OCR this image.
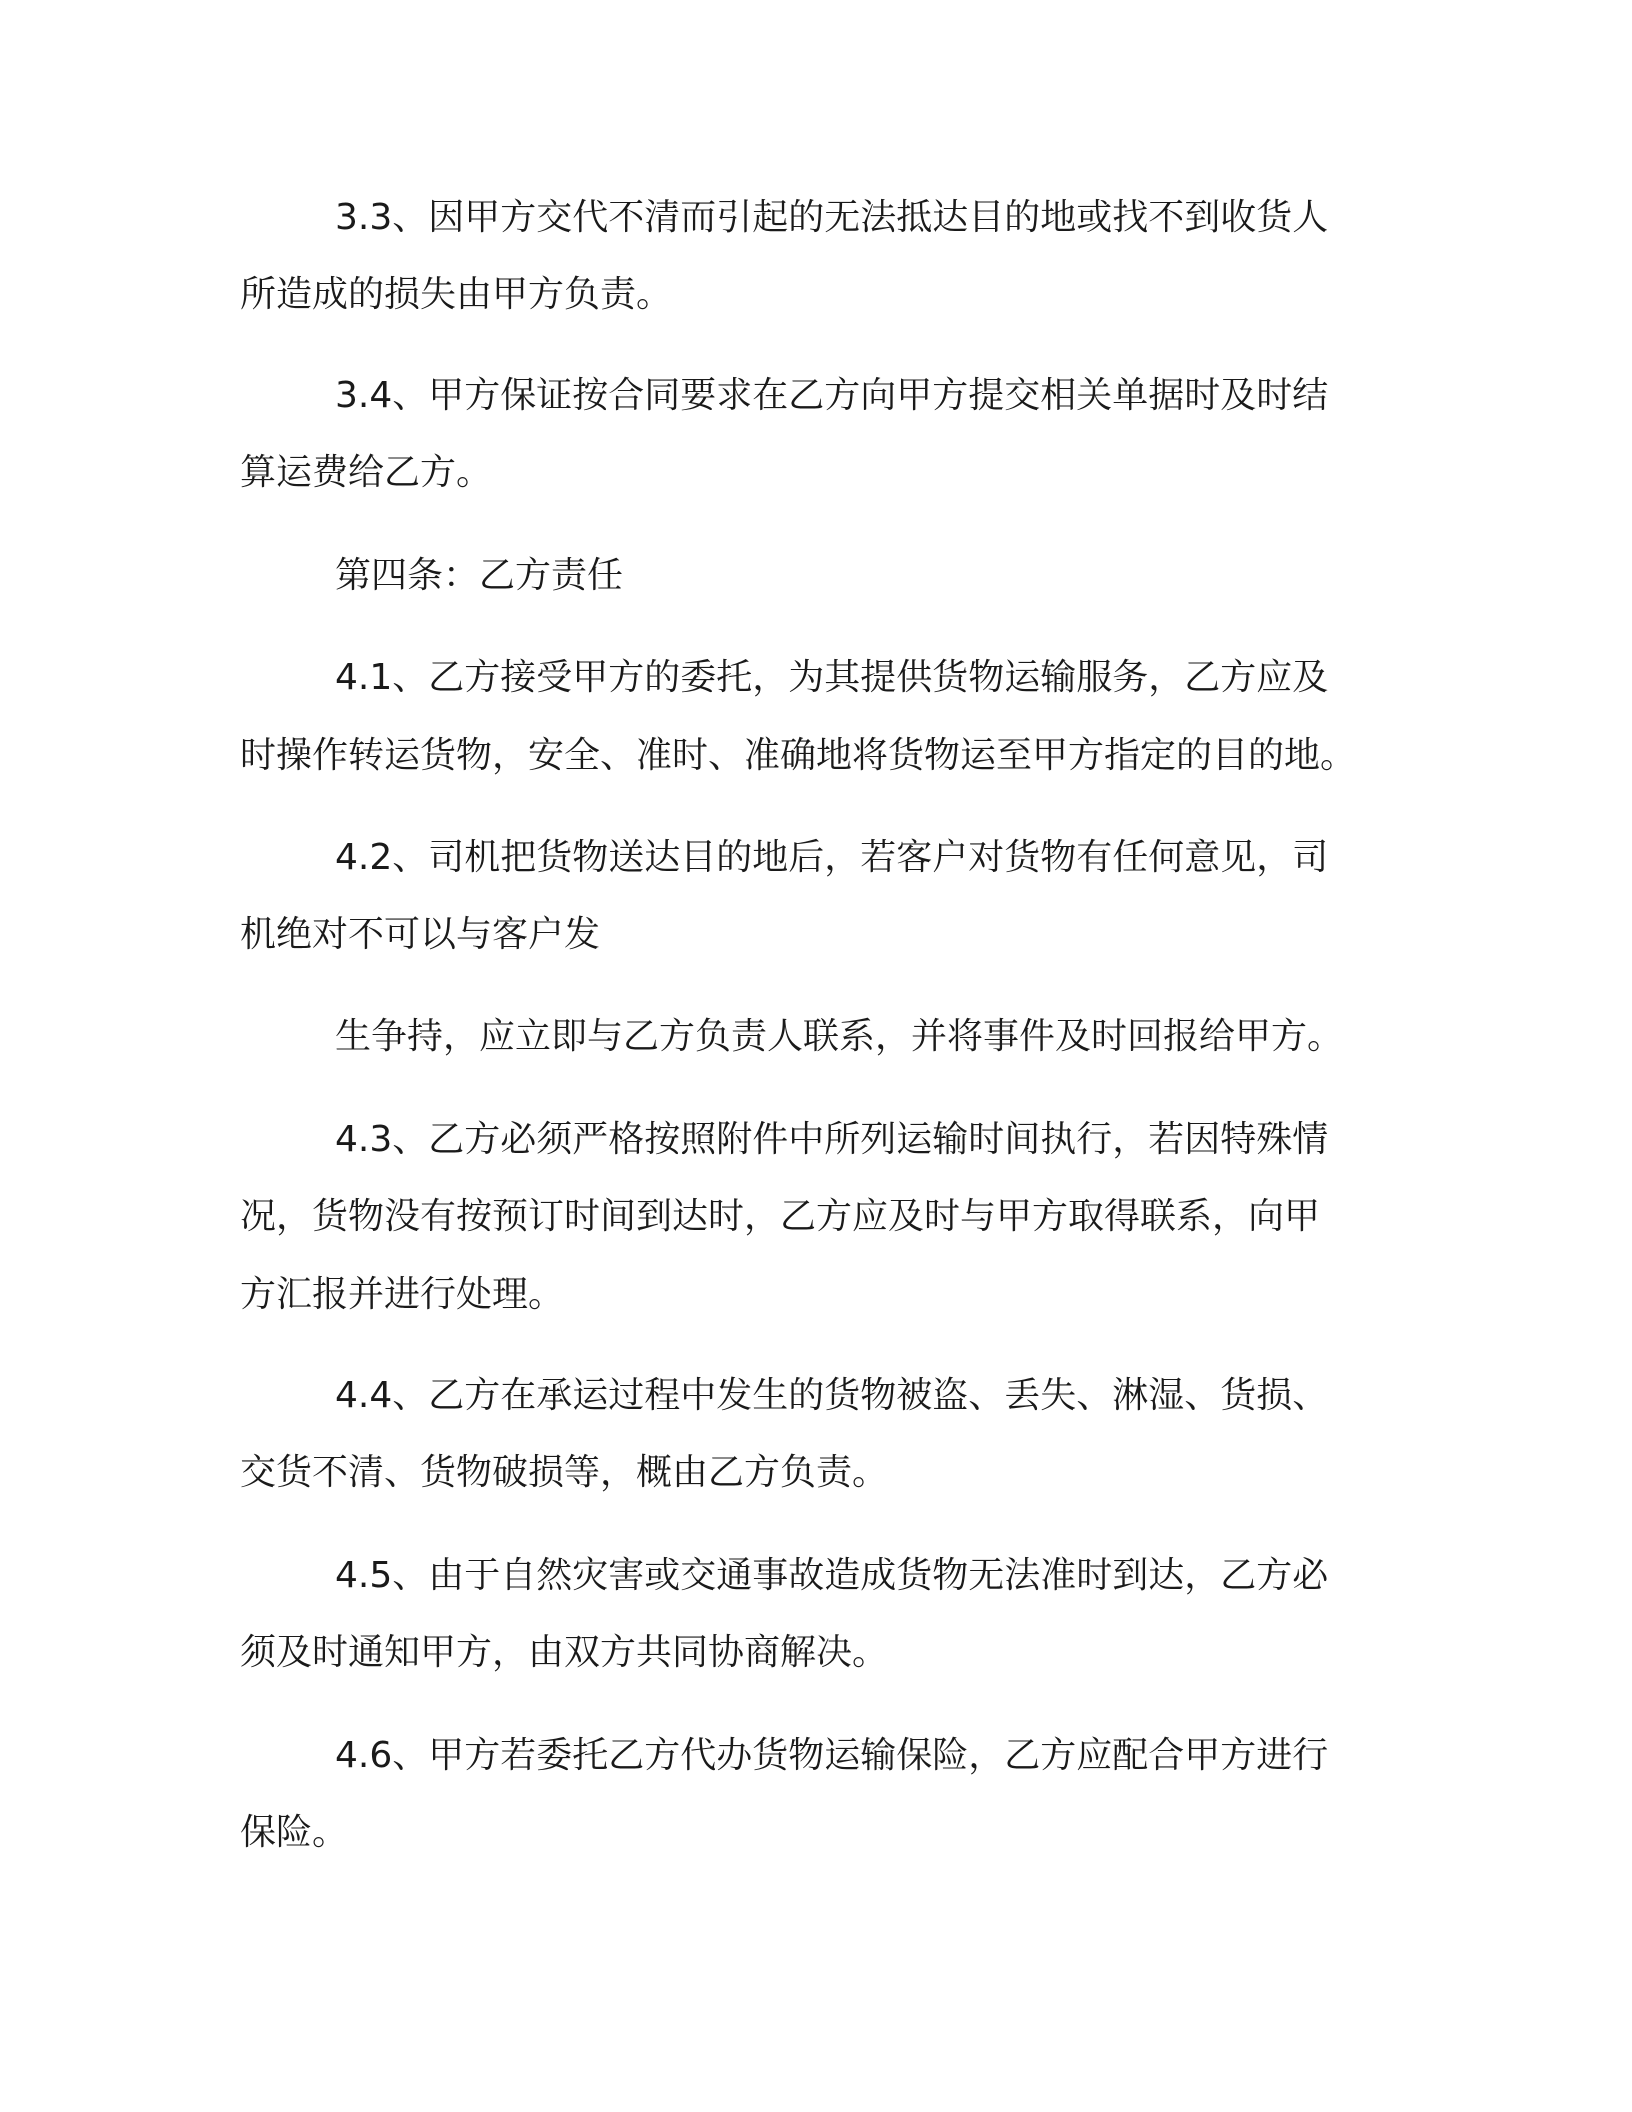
3.3、因甲方交代不清而引起的无法抵达目的地或找不到收货人

所造成的损失由甲方负责。

3.4、甲方保证按合同要求在乙方向甲方提交相关单据时及时结

算运费给乙方。

第四条：乙方责任

4.1、乙方接受甲方的委托，为其提供货物运输服务，乙方应及

时操作转运货物，安全、准时、准确地将货物运至甲方指定的目的地。

4.2、司机把货物送达目的地后，若客户对货物有任何意见，司

机绝对不可以与客户发

生争持，应立即与乙方负责人联系，并将事件及时回报给甲方。

4.3、乙方必须严格按照附件中所列运输时间执行，若因特殊情

况，货物没有按预订时间到达时，乙方应及时与甲方取得联系，向甲

方汇报并进行处理。

4.4、乙方在承运过程中发生的货物被盗、丢失、淋湿、货损、

交货不清、货物破损等，概由乙方负责。

4.5、由于自然灾害或交通事故造成货物无法准时到达，乙方必

须及时通知甲方，由双方共同协商解决。

4.6、甲方若委托乙方代办货物运输保险，乙方应配合甲方进行

保险。
